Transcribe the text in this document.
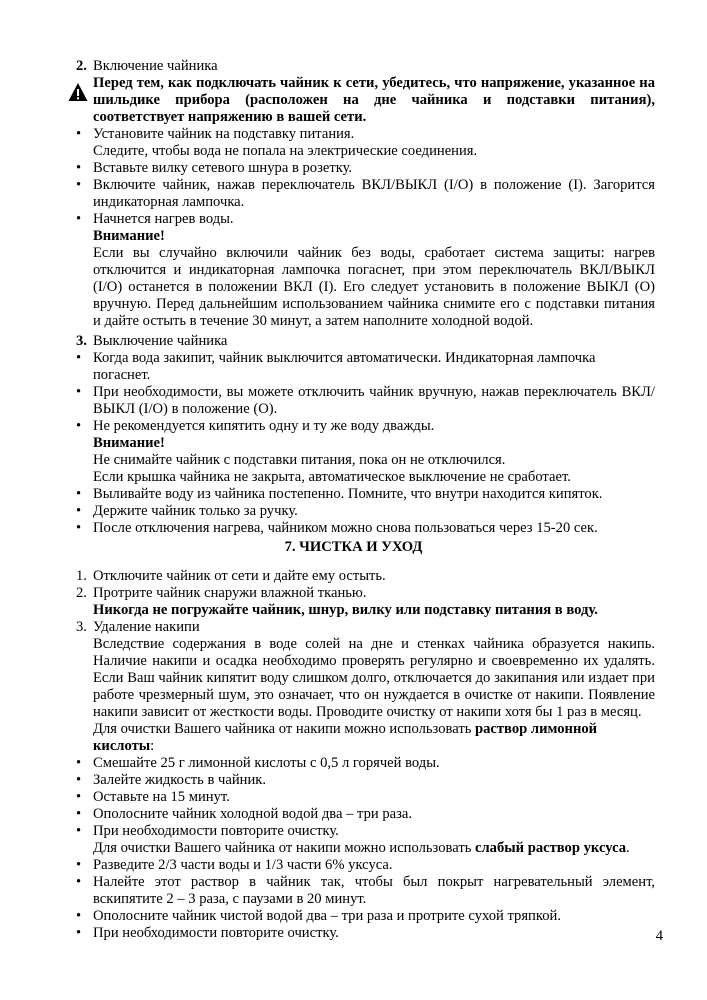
2. Включение чайника
Перед тем, как подключать чайник к сети, убедитесь, что напряжение, указанное на шильдике прибора (расположен на дне чайника и подставки питания), соответствует напряжению в вашей сети.
• Установите чайник на подставку питания.
Следите, чтобы вода не попала на электрические соединения.
• Вставьте вилку сетевого шнура в розетку.
• Включите чайник, нажав переключатель ВКЛ/ВЫКЛ (I/O) в положение (I). Загорится индикаторная лампочка.
• Начнется нагрев воды.
Внимание!
Если вы случайно включили чайник без воды, сработает система защиты: нагрев отключится и индикаторная лампочка погаснет, при этом переключатель ВКЛ/ВЫКЛ (I/O) останется в положении ВКЛ (I). Его следует установить в положение ВЫКЛ (O) вручную. Перед дальнейшим использованием чайника снимите его с подставки питания и дайте остыть в течение 30 минут, а затем наполните холодной водой.
3. Выключение чайника
• Когда вода закипит, чайник выключится автоматически. Индикаторная лампочка погаснет.
• При необходимости, вы можете отключить чайник вручную, нажав переключатель ВКЛ/ВЫКЛ (I/O) в положение (O).
• Не рекомендуется кипятить одну и ту же воду дважды.
Внимание!
Не снимайте чайник с подставки питания, пока он не отключился.
Если крышка чайника не закрыта, автоматическое выключение не сработает.
• Выливайте воду из чайника постепенно. Помните, что внутри находится кипяток.
• Держите чайник только за ручку.
• После отключения нагрева, чайником можно снова пользоваться через 15-20 сек.
7. ЧИСТКА И УХОД
1. Отключите чайник от сети и дайте ему остыть.
2. Протрите чайник снаружи влажной тканью.
Никогда не погружайте чайник, шнур, вилку или подставку питания в воду.
3. Удаление накипи
Вследствие содержания в воде солей на дне и стенках чайника образуется накипь. Наличие накипи и осадка необходимо проверять регулярно и своевременно их удалять. Если Ваш чайник кипятит воду слишком долго, отключается до закипания или издает при работе чрезмерный шум, это означает, что он нуждается в очистке от накипи. Появление накипи зависит от жесткости воды. Проводите очистку от накипи хотя бы 1 раз в месяц.
Для очистки Вашего чайника от накипи можно использовать раствор лимонной кислоты:
• Смешайте 25 г лимонной кислоты с 0,5 л горячей воды.
• Залейте жидкость в чайник.
• Оставьте на 15 минут.
• Ополосните чайник холодной водой два – три раза.
• При необходимости повторите очистку.
Для очистки Вашего чайника от накипи можно использовать слабый раствор уксуса.
• Разведите 2/3 части воды и 1/3 части 6% уксуса.
• Налейте этот раствор в чайник так, чтобы был покрыт нагревательный элемент, вскипятите 2 – 3 раза, с паузами в 20 минут.
• Ополосните чайник чистой водой два – три раза и протрите сухой тряпкой.
• При необходимости повторите очистку.	4
